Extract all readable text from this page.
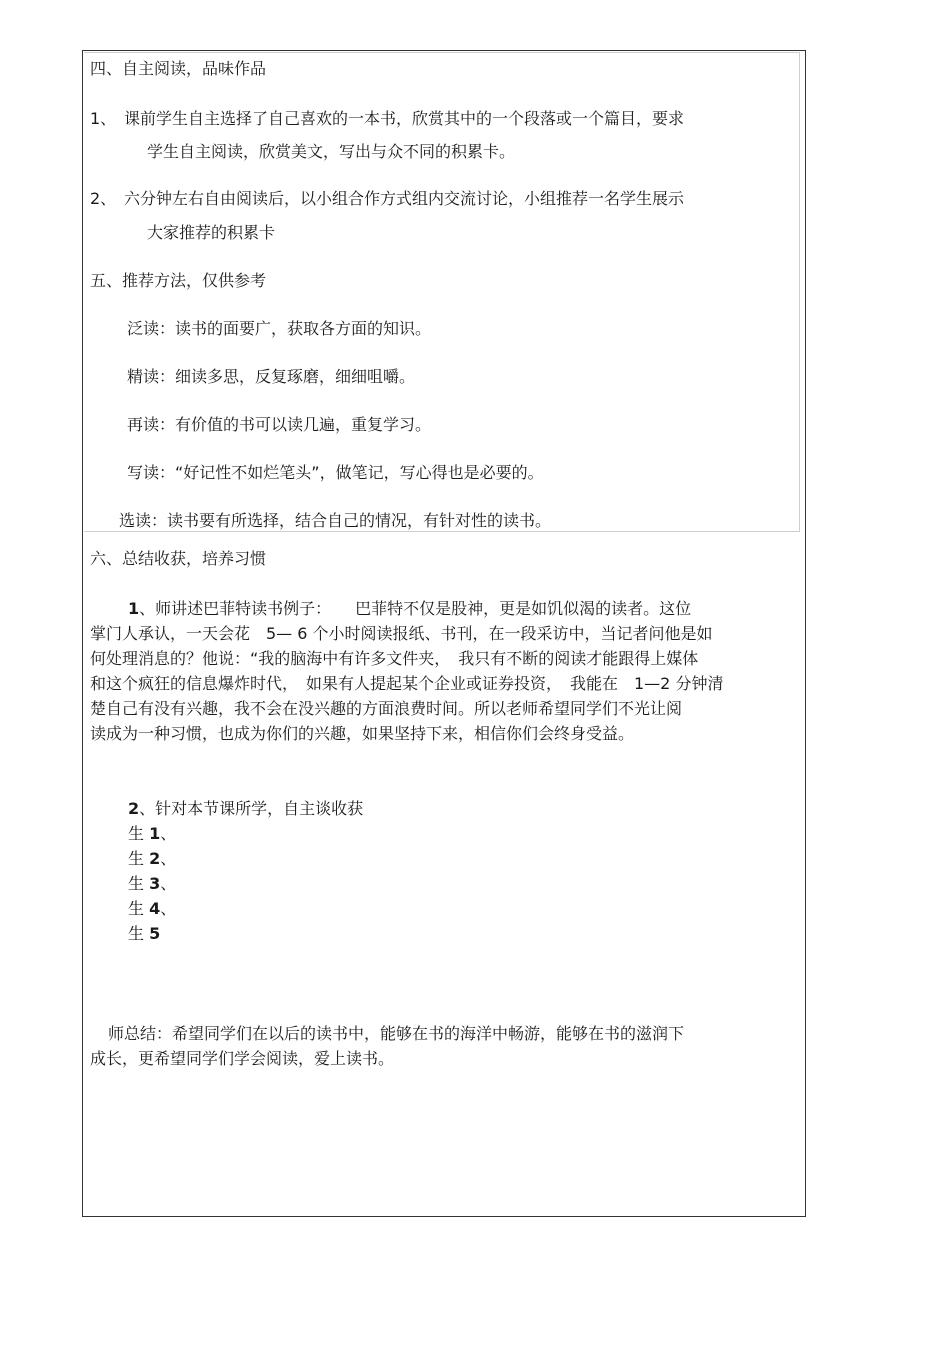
四、自主阅读，品味作品
1、 课前学生自主选择了自己喜欢的一本书，欣赏其中的一个段落或一个篇目，要求
学生自主阅读，欣赏美文，写出与众不同的积累卡。
2、 六分钟左右自由阅读后，以小组合作方式组内交流讨论，小组推荐一名学生展示
大家推荐的积累卡
五、推荐方法，仅供参考
泛读：读书的面要广，获取各方面的知识。
精读：细读多思，反复琢磨，细细咀嚼。
再读：有价值的书可以读几遍，重复学习。
写读：“好记性不如烂笔头”，做笔记，写心得也是必要的。
选读：读书要有所选择，结合自己的情况，有针对性的读书。
六、总结收获，培养习惯
1、师讲述巴菲特读书例子：　　巴菲特不仅是股神，更是如饥似渴的读者。这位
掌门人承认，一天会花　5— 6 个小时阅读报纸、书刊，在一段采访中，当记者问他是如
何处理消息的？他说：“我的脑海中有许多文件夹，　我只有不断的阅读才能跟得上媒体
和这个疯狂的信息爆炸时代，　如果有人提起某个企业或证券投资，　我能在　1—2 分钟清
楚自己有没有兴趣，我不会在没兴趣的方面浪费时间。所以老师希望同学们不光让阅
读成为一种习惯，也成为你们的兴趣，如果坚持下来，相信你们会终身受益。
2、针对本节课所学，自主谈收获
生 1、
生 2、
生 3、
生 4、
生 5
师总结：希望同学们在以后的读书中，能够在书的海洋中畅游，能够在书的滋润下
成长，更希望同学们学会阅读，爱上读书。
